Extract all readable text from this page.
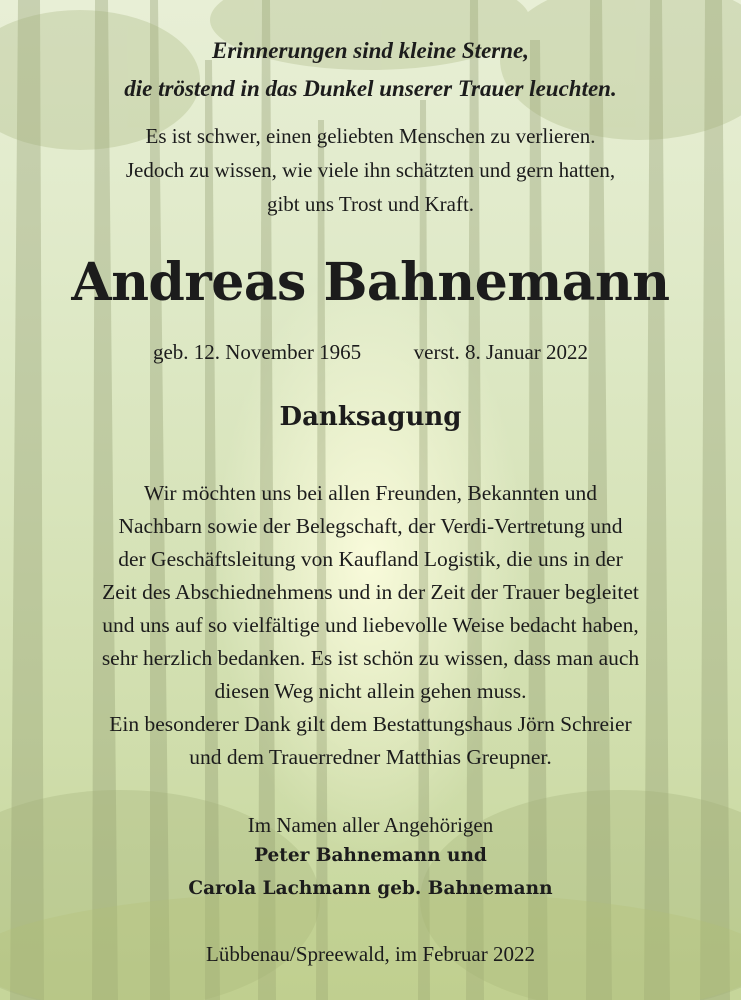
Erinnerungen sind kleine Sterne,
die tröstend in das Dunkel unserer Trauer leuchten.
Es ist schwer, einen geliebten Menschen zu verlieren.
Jedoch zu wissen, wie viele ihn schätzten und gern hatten,
gibt uns Trost und Kraft.
Andreas Bahnemann
geb. 12. November 1965	verst. 8. Januar 2022
Danksagung
Wir möchten uns bei allen Freunden, Bekannten und
Nachbarn sowie der Belegschaft, der Verdi-Vertretung und
der Geschäftsleitung von Kaufland Logistik, die uns in der
Zeit des Abschiednehmens und in der Zeit der Trauer begleitet
und uns auf so vielfältige und liebevolle Weise bedacht haben,
sehr herzlich bedanken. Es ist schön zu wissen, dass man auch
diesen Weg nicht allein gehen muss.
Ein besonderer Dank gilt dem Bestattungshaus Jörn Schreier
und dem Trauerredner Matthias Greupner.
Im Namen aller Angehörigen
Peter Bahnemann und
Carola Lachmann geb. Bahnemann
Lübbenau/Spreewald, im Februar 2022
